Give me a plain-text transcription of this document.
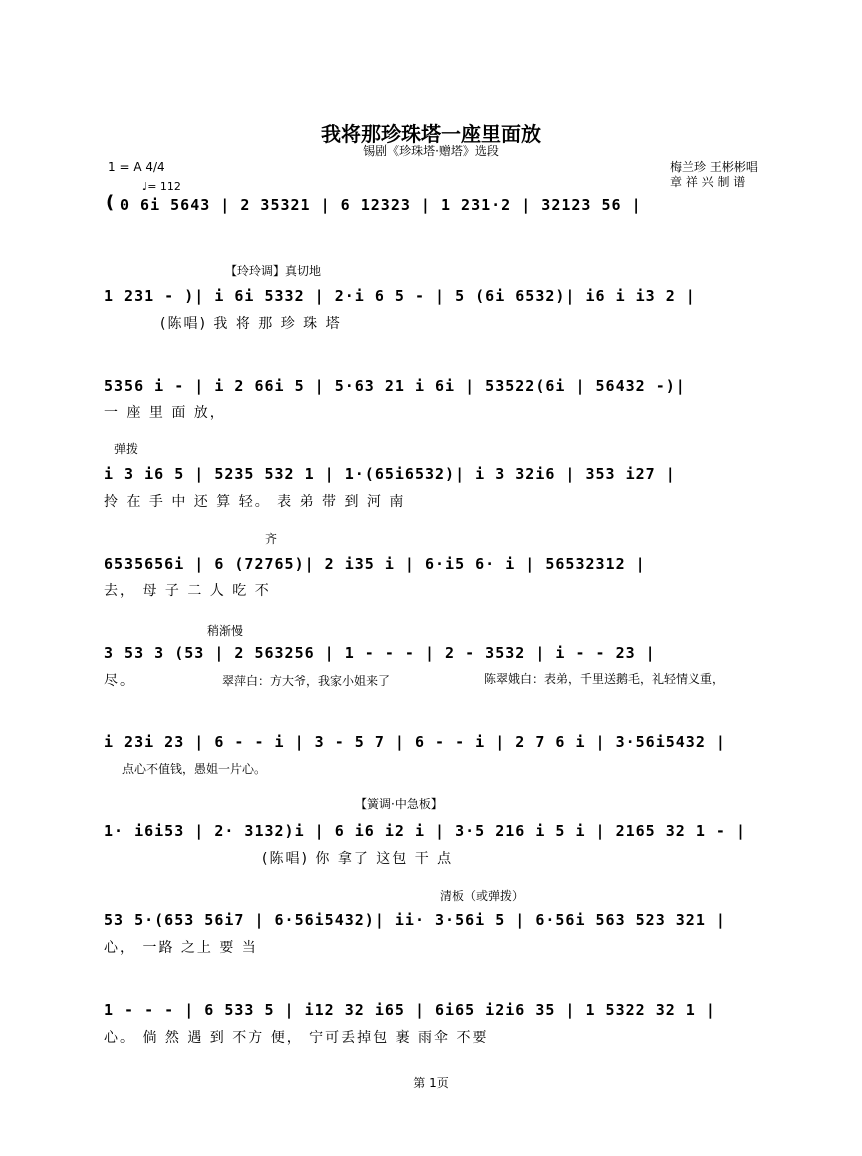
我将那珍珠塔一座里面放
锡剧《珍珠塔·赠塔》选段
1 = A 4/4
♩= 112
梅兰珍 王彬彬唱
章 祥 兴 制 谱
( 0 6i 5643 | 2 35321 | 6 12323 | 1 231·2 | 32123 56 |
【玲玲调】真切地
1 231 - )| i 6i 5332 | 2·i 6 5 - | 5 (6i 6532)| i6 i i3 2 |
(陈唱) 我 将 那 珍 珠 塔
5356 i - | i 2 66i 5 | 5·63 21 i 6i | 53522(6i | 56432 -)|
一 座 里 面 放，
弹拨
i 3 i6 5 | 5235 532 1 | 1·(65i6532)| i 3 32i6 | 353 i27 |
拎 在 手 中 还 算 轻。 表 弟 带 到 河 南
齐
6535656i | 6 (72765)| 2 i35 i | 6·i5 6· i | 56532312 |
去， 母 子 二 人 吃 不
稍渐慢
3 53 3 (53 | 2 563256 | 1 - - - | 2 - 3532 | i - - 23 |
尽。	翠萍白：方大爷，我家小姐来了	陈翠娥白：表弟，千里送鹅毛，礼轻情义重，
i 23i 23 | 6 - - i | 3 - 5 7 | 6 - - i | 2 7 6 i | 3·56i5432 |
点心不值钱，愚姐一片心。
【簧调·中急板】
1· i6i53 | 2· 3132)i | 6 i6 i2 i | 3·5 216 i 5 i | 2165 32 1 - |
(陈唱) 你 拿了 这包 干 点
清板（或弹拨）
53 5·(653 56i7 | 6·56i5432)| ii· 3·56i 5 | 6·56i 563 523 321 |
心， 一路 之上 要 当
1 - - - | 6 533 5 | i12 32 i65 | 6i65 i2i6 35 | 1 5322 32 1 |
心。 倘 然 遇 到 不方 便， 宁可丢掉包 裹 雨伞 不要
第 1页
